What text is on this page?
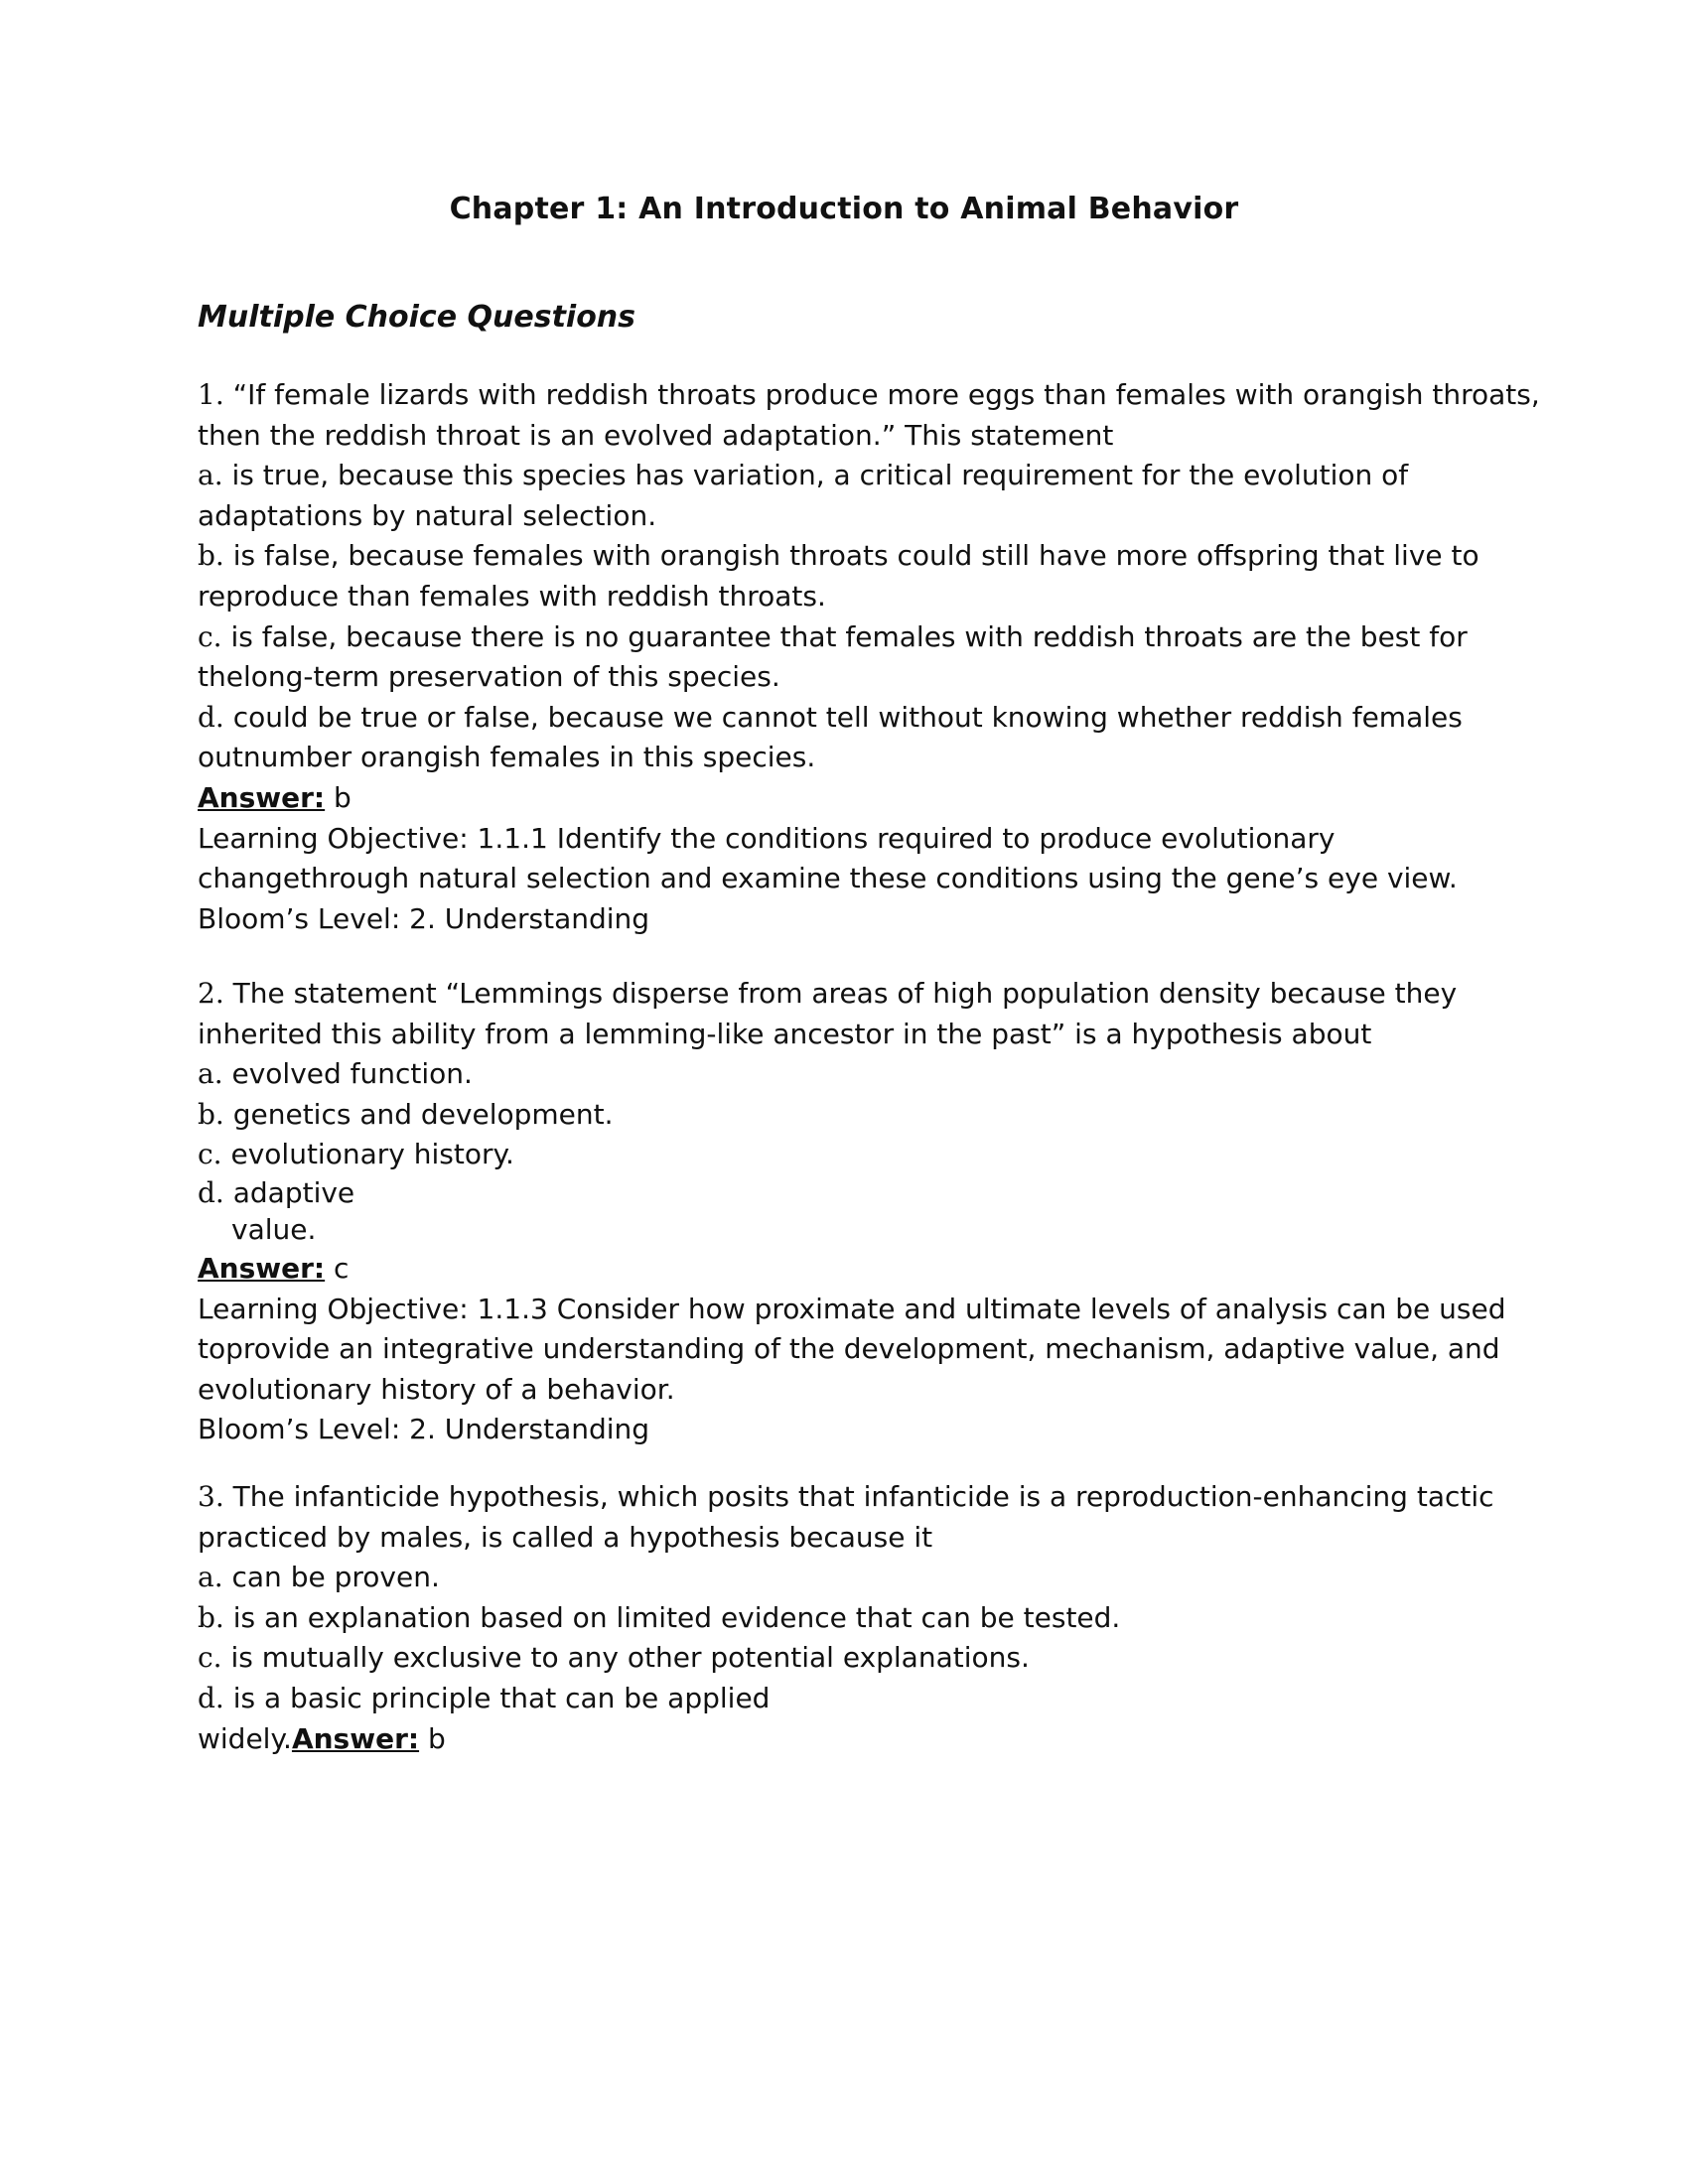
Chapter 1: An Introduction to Animal Behavior
Multiple Choice Questions
1. “If female lizards with reddish throats produce more eggs than females with orangish throats,
then the reddish throat is an evolved adaptation.” This statement
a. is true, because this species has variation, a critical requirement for the evolution of
adaptations by natural selection.
b. is false, because females with orangish throats could still have more offspring that live to
reproduce than females with reddish throats.
c. is false, because there is no guarantee that females with reddish throats are the best for
thelong-term preservation of this species.
d. could be true or false, because we cannot tell without knowing whether reddish females
outnumber orangish females in this species.
Answer: b
Learning Objective: 1.1.1 Identify the conditions required to produce evolutionary
changethrough natural selection and examine these conditions using the gene’s eye view.
Bloom’s Level: 2. Understanding
2. The statement “Lemmings disperse from areas of high population density because they
inherited this ability from a lemming-like ancestor in the past” is a hypothesis about
a. evolved function.
b. genetics and development.
c. evolutionary history.
d. adaptive
value.
Answer: c
Learning Objective: 1.1.3 Consider how proximate and ultimate levels of analysis can be used
toprovide an integrative understanding of the development, mechanism, adaptive value, and
evolutionary history of a behavior.
Bloom’s Level: 2. Understanding
3. The infanticide hypothesis, which posits that infanticide is a reproduction-enhancing tactic
practiced by males, is called a hypothesis because it
a. can be proven.
b. is an explanation based on limited evidence that can be tested.
c. is mutually exclusive to any other potential explanations.
d. is a basic principle that can be applied
widely.Answer: b
